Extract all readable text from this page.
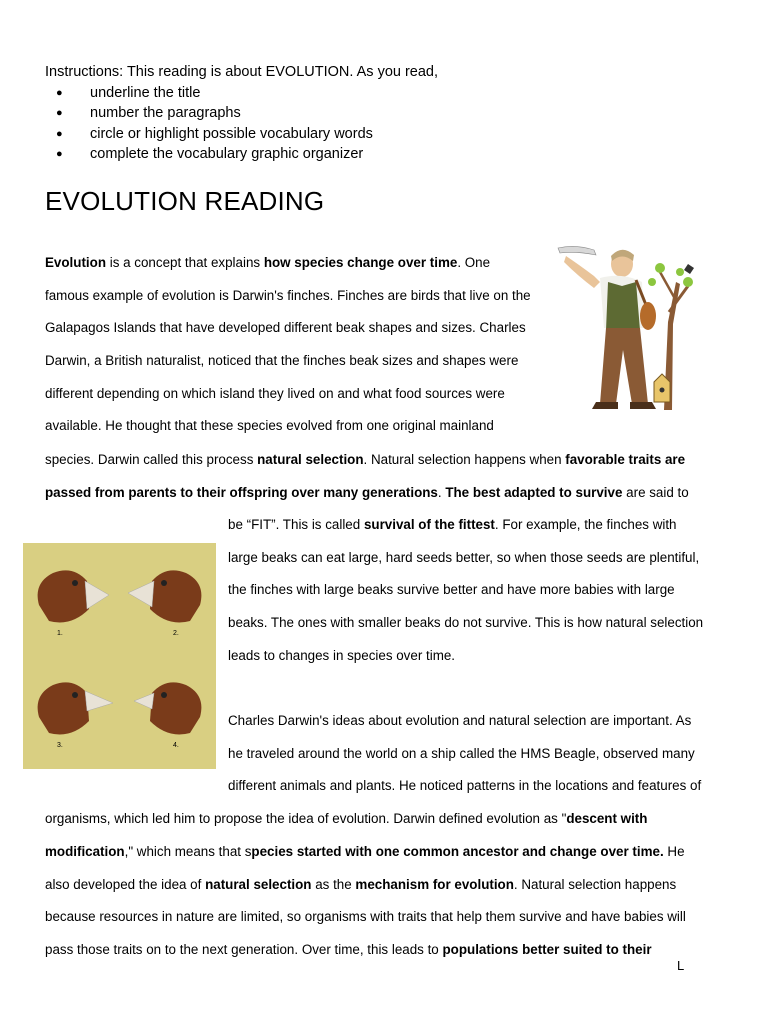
Instructions: This reading is about EVOLUTION. As you read,
● underline the title
● number the paragraphs
● circle or highlight possible vocabulary words
● complete the vocabulary graphic organizer
EVOLUTION READING
Evolution is a concept that explains how species change over time. One
famous example of evolution is Darwin's finches. Finches are birds that live on the
Galapagos Islands that have developed different beak shapes and sizes. Charles
Darwin, a British naturalist, noticed that the finches beak sizes and shapes were
different depending on which island they lived on and what food sources were
available. He thought that these species evolved from one original mainland
species. Darwin called this process natural selection. Natural selection happens when favorable traits are
passed from parents to their offspring over many generations. The best adapted to survive are said to
be “FIT”. This is called survival of the fittest. For example, the finches with
large beaks can eat large, hard seeds better, so when those seeds are plentiful,
the finches with large beaks survive better and have more babies with large
beaks. The ones with smaller beaks do not survive. This is how natural selection
leads to changes in species over time.
1.	2.
3.	4.
Charles Darwin's ideas about evolution and natural selection are important. As
he traveled around the world on a ship called the HMS Beagle, observed many
different animals and plants. He noticed patterns in the locations and features of
organisms, which led him to propose the idea of evolution. Darwin defined evolution as "descent with
modification," which means that species started with one common ancestor and change over time. He
also developed the idea of natural selection as the mechanism for evolution. Natural selection happens
because resources in nature are limited, so organisms with traits that help them survive and have babies will
pass those traits on to the next generation. Over time, this leads to populations better suited to their
L
